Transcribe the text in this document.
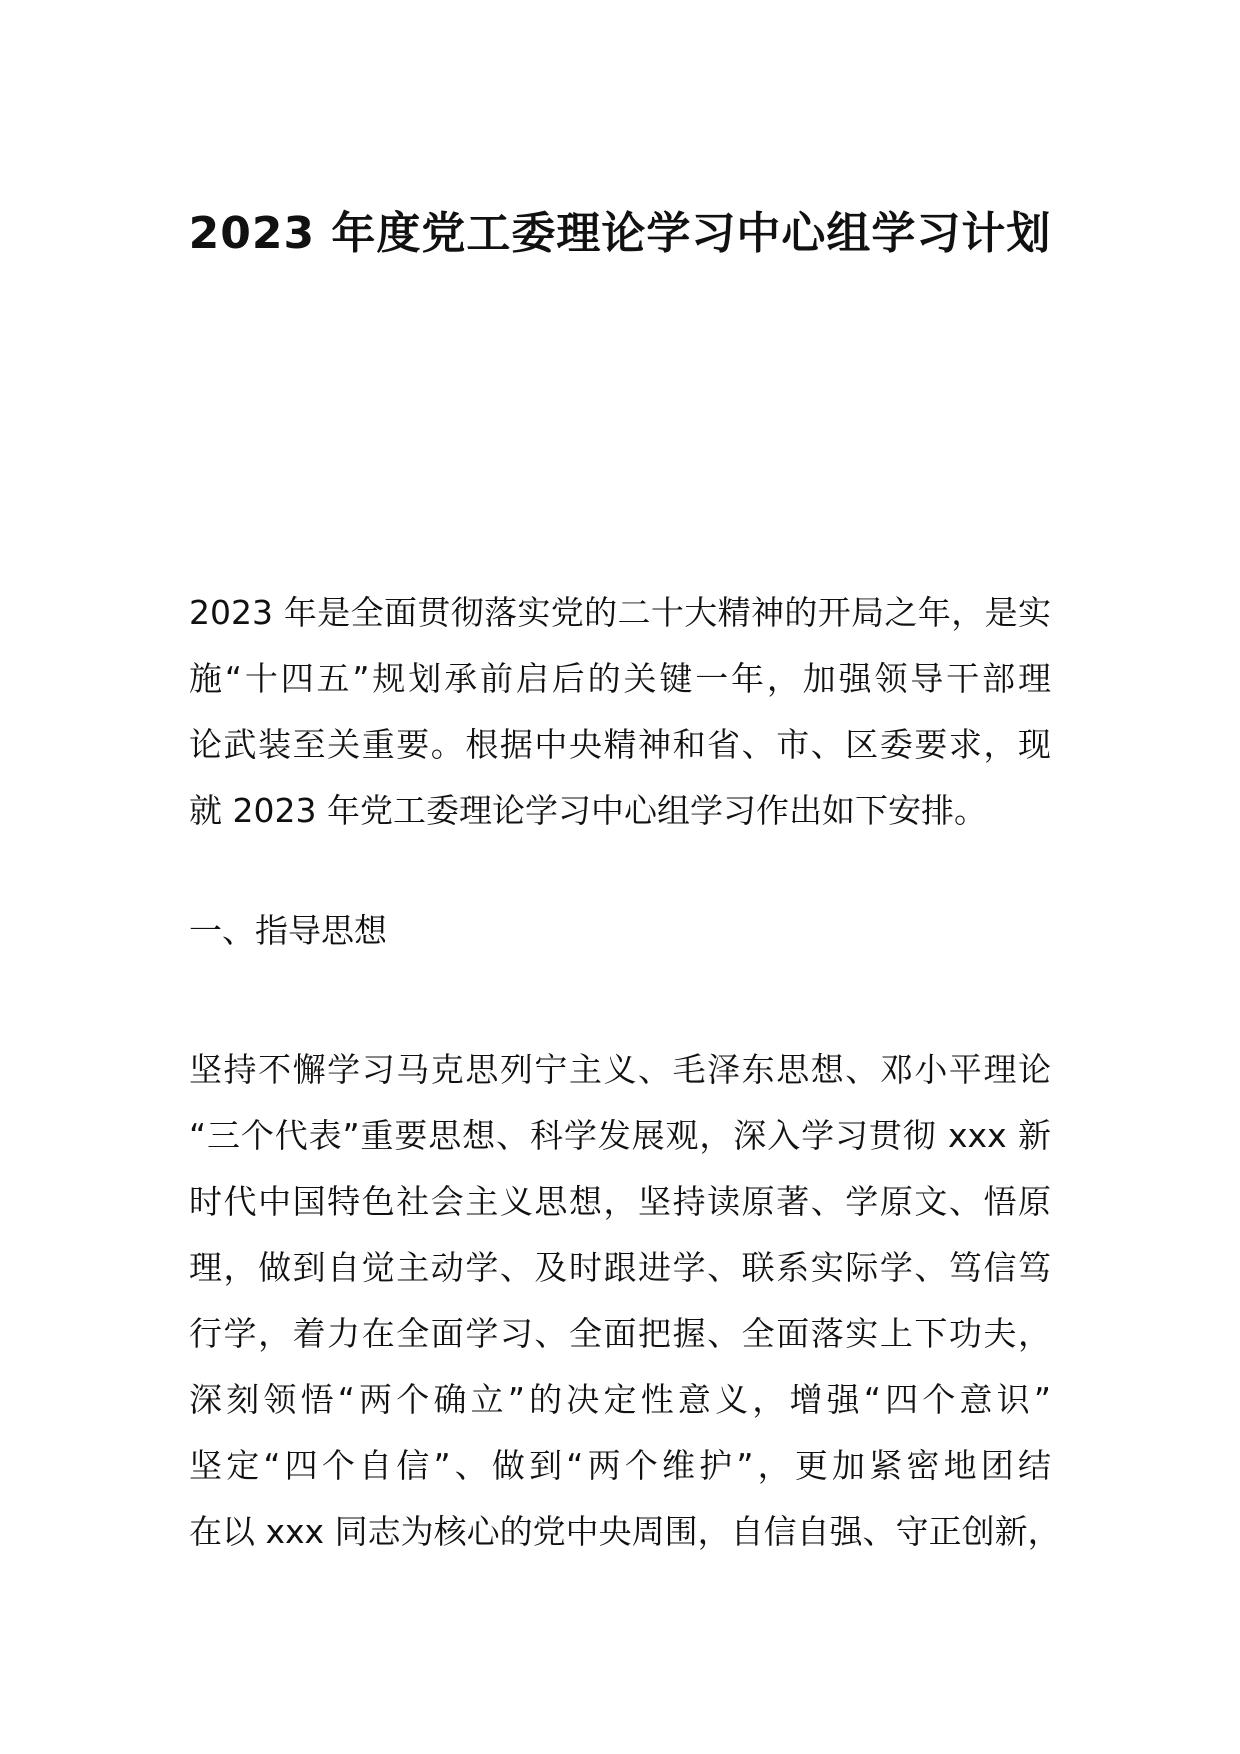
2023 年度党工委理论学习中心组学习计划
2023 年是全面贯彻落实党的二十大精神的开局之年，是实
施“十四五”规划承前启后的关键一年，加强领导干部理
论武装至关重要。根据中央精神和省、市、区委要求，现
就 2023 年党工委理论学习中心组学习作出如下安排。
一、指导思想
坚持不懈学习马克思列宁主义、毛泽东思想、邓小平理论
“三个代表”重要思想、科学发展观，深入学习贯彻 xxx 新
时代中国特色社会主义思想，坚持读原著、学原文、悟原
理，做到自觉主动学、及时跟进学、联系实际学、笃信笃
行学，着力在全面学习、全面把握、全面落实上下功夫，
深刻领悟“两个确立”的决定性意义，增强“四个意识”
坚定“四个自信”、做到“两个维护”，更加紧密地团结
在以 xxx 同志为核心的党中央周围，自信自强、守正创新，
